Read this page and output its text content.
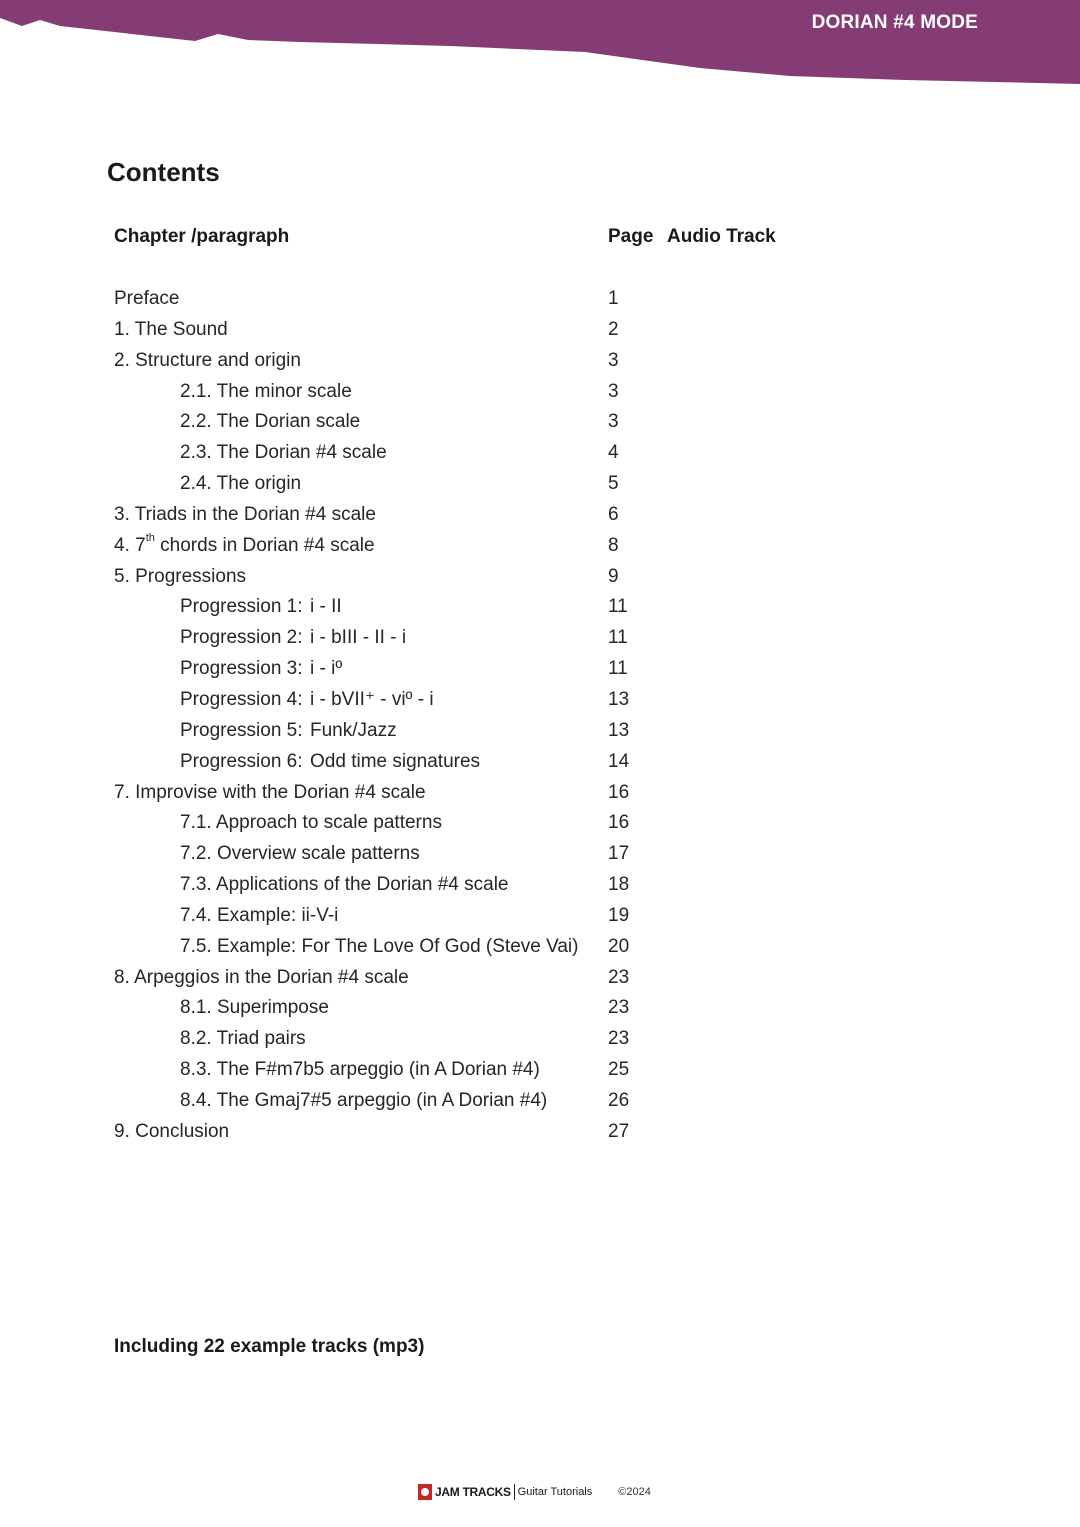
DORIAN #4 MODE
Contents
Chapter /paragraph	Page Audio Track
Preface	1
1. The Sound	2
2. Structure and origin	3
2.1. The minor scale	3
2.2. The Dorian scale	3
2.3. The Dorian #4 scale	4
2.4. The origin	5
3. Triads in the Dorian #4 scale	6
4. 7th chords in Dorian #4 scale	8
5. Progressions	9
Progression 1: i - II	11
Progression 2: i - bIII - II - i	11
Progression 3: i - iº	11
Progression 4: i - bVII⁺ - viº - i	13
Progression 5: Funk/Jazz	13
Progression 6: Odd time signatures	14
7. Improvise with the Dorian #4 scale	16
7.1. Approach to scale patterns	16
7.2. Overview scale patterns	17
7.3. Applications of the Dorian #4 scale	18
7.4. Example: ii-V-i	19
7.5. Example: For The Love Of God (Steve Vai) 20
8. Arpeggios in the Dorian #4 scale	23
8.1. Superimpose	23
8.2. Triad pairs	23
8.3. The F#m7b5 arpeggio (in A Dorian #4)	25
8.4. The Gmaj7#5 arpeggio (in A Dorian #4)	26
9. Conclusion	27
Including 22 example tracks (mp3)
JAM TRACKS Guitar Tutorials ©2024
